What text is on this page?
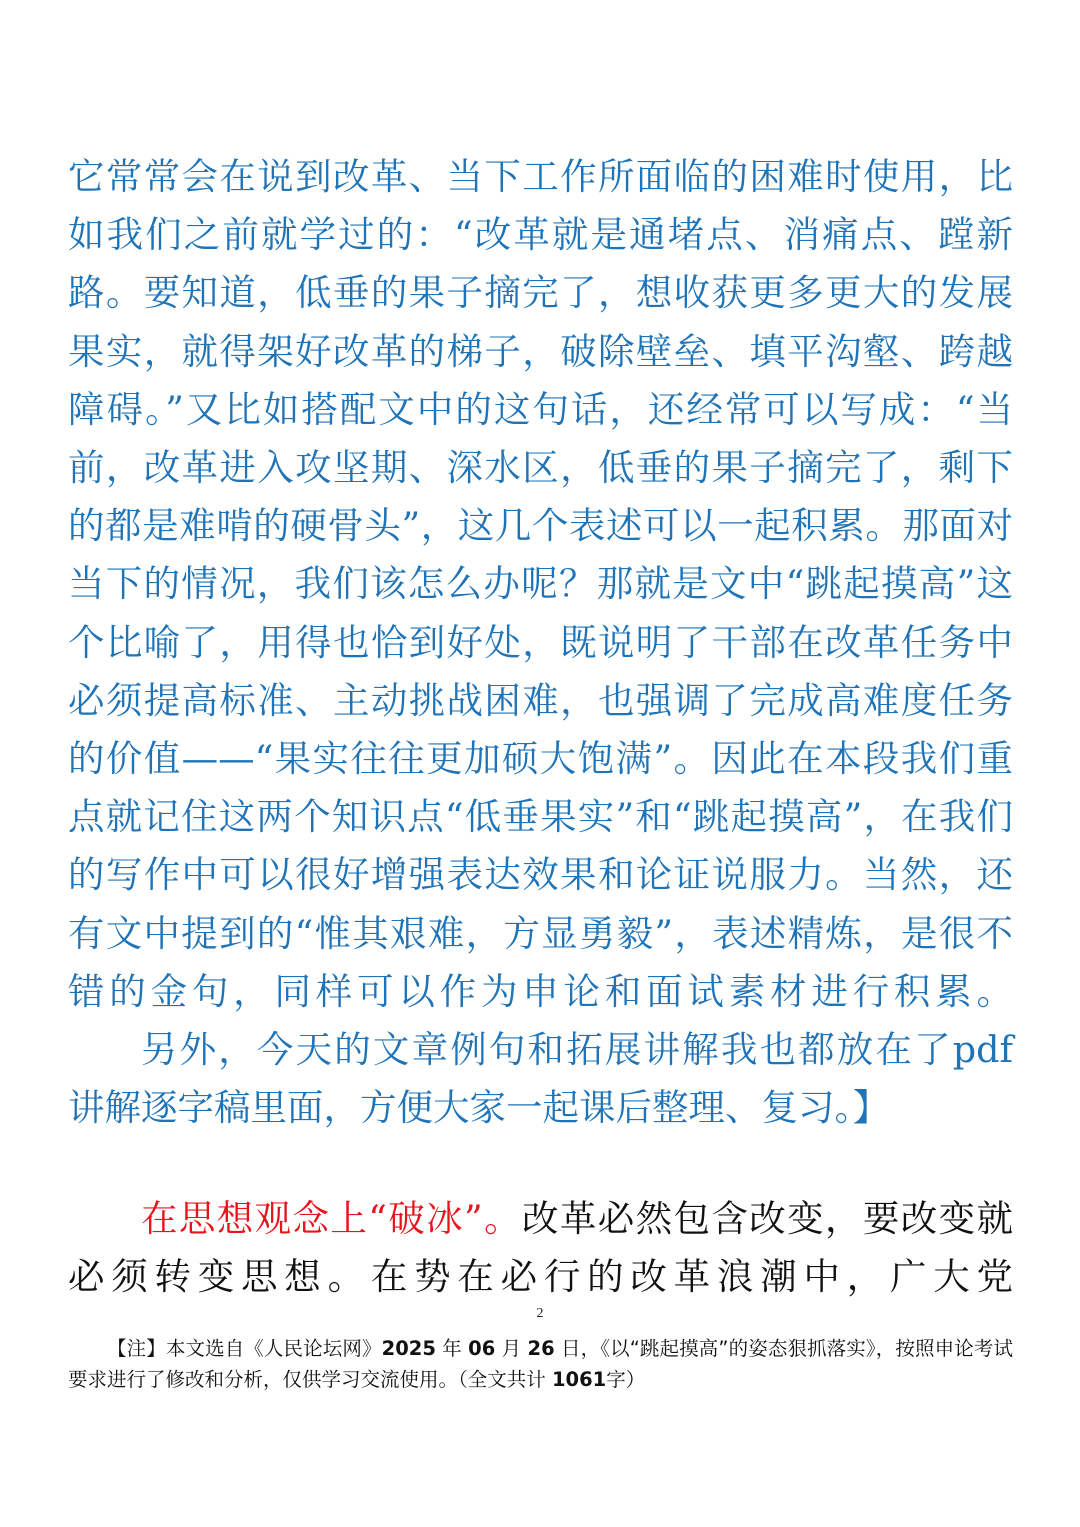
它常常会在说到改革、当下工作所面临的困难时使用，比如我们之前就学过的：“改革就是通堵点、消痛点、蹚新路。要知道，低垂的果子摘完了，想收获更多更大的发展果实，就得架好改革的梯子，破除壁垒、填平沟壑、跨越障碍。”又比如搭配文中的这句话，还经常可以写成：“当前，改革进入攻坚期、深水区，低垂的果子摘完了，剩下的都是难啃的硬骨头”，这几个表述可以一起积累。那面对当下的情况，我们该怎么办呢？那就是文中“跳起摸高”这个比喻了，用得也恰到好处，既说明了干部在改革任务中必须提高标准、主动挑战困难，也强调了完成高难度任务的价值——“果实往往更加硕大饱满”。因此在本段我们重点就记住这两个知识点“低垂果实”和“跳起摸高”，在我们的写作中可以很好增强表达效果和论证说服力。当然，还有文中提到的“惟其艰难，方显勇毅”，表述精炼，是很不错的金句，同样可以作为申论和面试素材进行积累。

另外，今天的文章例句和拓展讲解我也都放在了pdf 讲解逐字稿里面，方便大家一起课后整理、复习。】

在思想观念上“破冰”。改革必然包含改变，要改变就必须转变思想。在势在必行的改革浪潮中，广大党

2
【注】本文选自《人民论坛网》2025 年 06 月 26 日，《以“跳起摸高”的姿态狠抓落实》，按照申论考试要求进行了修改和分析，仅供学习交流使用。（全文共计 1061字）
